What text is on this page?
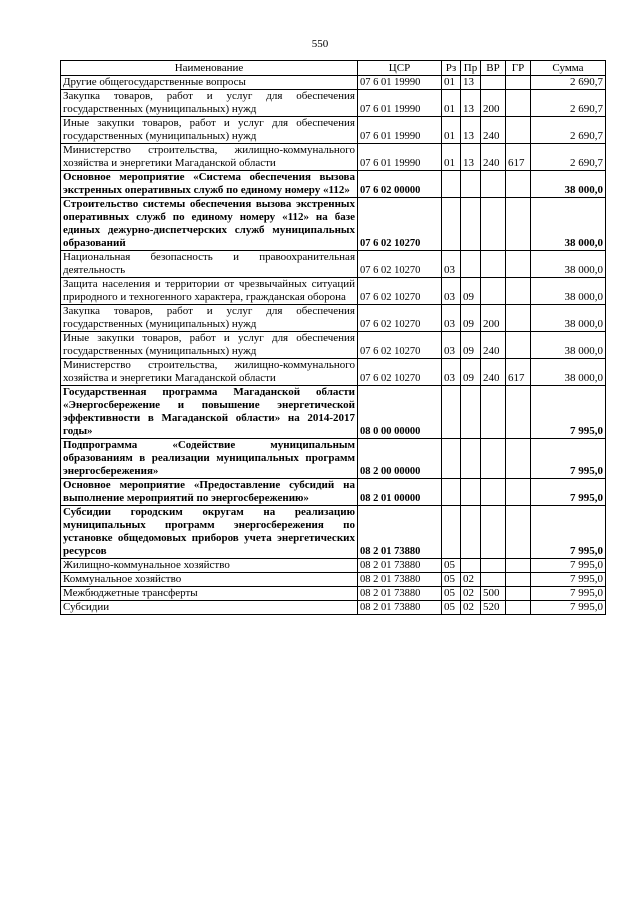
550
Наименование	ЦСР	Рз	Пр	ВР	ГР	Сумма
Другие общегосударственные вопросы	07 6 01 19990	01	13			2 690,7
Закупка товаров, работ и услуг для обеспечения государственных (муниципальных) нужд	07 6 01 19990	01	13	200		2 690,7
Иные закупки товаров, работ и услуг для обеспечения государственных (муниципальных) нужд	07 6 01 19990	01	13	240		2 690,7
Министерство строительства, жилищно-коммунального хозяйства и энергетики Магаданской области	07 6 01 19990	01	13	240	617	2 690,7
Основное мероприятие «Система обеспечения вызова экстренных оперативных служб по единому номеру «112»	07 6 02 00000					38 000,0
Строительство системы обеспечения вызова экстренных оперативных служб по единому номеру «112» на базе единых дежурно-диспетчерских служб муниципальных образований	07 6 02 10270					38 000,0
Национальная безопасность и правоохранительная деятельность	07 6 02 10270	03				38 000,0
Защита населения и территории от чрезвычайных ситуаций природного и техногенного характера, гражданская оборона	07 6 02 10270	03	09			38 000,0
Закупка товаров, работ и услуг для обеспечения государственных (муниципальных) нужд	07 6 02 10270	03	09	200		38 000,0
Иные закупки товаров, работ и услуг для обеспечения государственных (муниципальных) нужд	07 6 02 10270	03	09	240		38 000,0
Министерство строительства, жилищно-коммунального хозяйства и энергетики Магаданской области	07 6 02 10270	03	09	240	617	38 000,0
Государственная программа Магаданской области «Энергосбережение и повышение энергетической эффективности в Магаданской области» на 2014-2017 годы»	08 0 00 00000					7 995,0
Подпрограмма «Содействие муниципальным образованиям в реализации муниципальных программ энергосбережения»	08 2 00 00000					7 995,0
Основное мероприятие «Предоставление субсидий на выполнение мероприятий по энергосбережению»	08 2 01 00000					7 995,0
Субсидии городским округам на реализацию муниципальных программ энергосбережения по установке общедомовых приборов учета энергетических ресурсов	08 2 01 73880					7 995,0
Жилищно-коммунальное хозяйство	08 2 01 73880	05				7 995,0
Коммунальное хозяйство	08 2 01 73880	05	02			7 995,0
Межбюджетные трансферты	08 2 01 73880	05	02	500		7 995,0
Субсидии	08 2 01 73880	05	02	520		7 995,0
